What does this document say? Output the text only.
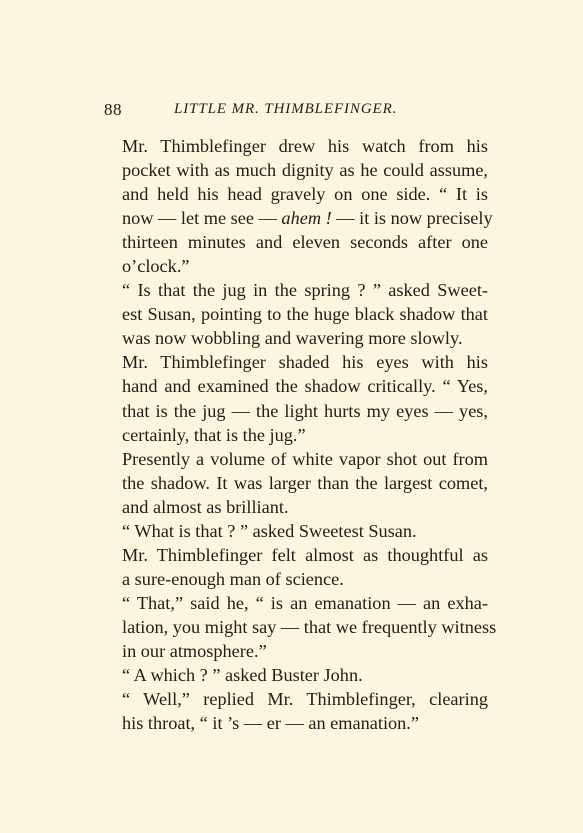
88	LITTLE MR. THIMBLEFINGER.
Mr. Thimblefinger drew his watch from his
pocket with as much dignity as he could assume,
and held his head gravely on one side. “ It is
now — let me see — ahem ! — it is now precisely
thirteen minutes and eleven seconds after one
o’clock.”
“ Is that the jug in the spring ? ” asked Sweet-
est Susan, pointing to the huge black shadow that
was now wobbling and wavering more slowly.
Mr. Thimblefinger shaded his eyes with his
hand and examined the shadow critically. “ Yes,
that is the jug — the light hurts my eyes — yes,
certainly, that is the jug.”
Presently a volume of white vapor shot out from
the shadow. It was larger than the largest comet,
and almost as brilliant.
“ What is that ? ” asked Sweetest Susan.
Mr. Thimblefinger felt almost as thoughtful as
a sure-enough man of science.
“ That,” said he, “ is an emanation — an exha-
lation, you might say — that we frequently witness
in our atmosphere.”
“ A which ? ” asked Buster John.
“ Well,” replied Mr. Thimblefinger, clearing
his throat, “ it ’s — er — an emanation.”
